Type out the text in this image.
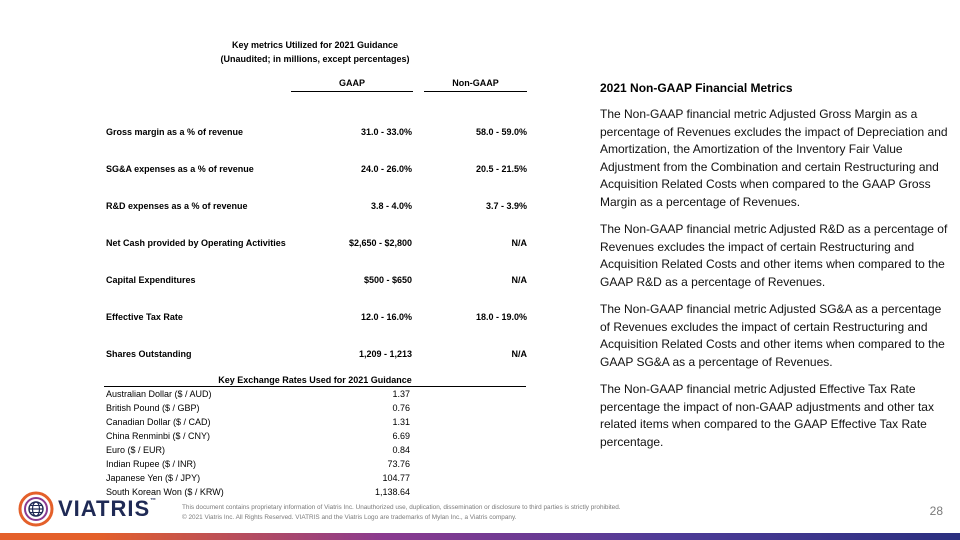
Key metrics Utilized for 2021 Guidance
(Unaudited; in millions, except percentages)
GAAP	Non-GAAP
Gross margin as a % of revenue	31.0 - 33.0%	58.0 - 59.0%
SG&A expenses as a % of revenue	24.0 - 26.0%	20.5 - 21.5%
R&D expenses as a % of revenue	3.8 - 4.0%	3.7 - 3.9%
Net Cash provided by Operating Activities	$2,650 - $2,800	N/A
Capital Expenditures	$500 - $650	N/A
Effective Tax Rate	12.0 - 16.0%	18.0 - 19.0%
Shares Outstanding	1,209 - 1,213	N/A
Key Exchange Rates Used for 2021 Guidance
Australian Dollar ($ / AUD)	1.37
British Pound ($ / GBP)	0.76
Canadian Dollar ($ / CAD)	1.31
China Renminbi ($ / CNY)	6.69
Euro ($ / EUR)	0.84
Indian Rupee ($ / INR)	73.76
Japanese Yen ($ / JPY)	104.77
South Korean Won ($ / KRW)	1,138.64

2021 Non-GAAP Financial Metrics

The Non-GAAP financial metric Adjusted Gross Margin as a percentage of Revenues excludes the impact of Depreciation and Amortization, the Amortization of the Inventory Fair Value Adjustment from the Combination and certain Restructuring and Acquisition Related Costs when compared to the GAAP Gross Margin as a percentage of Revenues.

The Non-GAAP financial metric Adjusted R&D as a percentage of Revenues excludes the impact of certain Restructuring and Acquisition Related Costs and other items when compared to the GAAP R&D as a percentage of Revenues.

The Non-GAAP financial metric Adjusted SG&A as a percentage of Revenues excludes the impact of certain Restructuring and Acquisition Related Costs and other items when compared to the GAAP SG&A as a percentage of Revenues.

The Non-GAAP financial metric Adjusted Effective Tax Rate percentage the impact of non-GAAP adjustments and other tax related items when compared to the GAAP Effective Tax Rate percentage.

VIATRIS™
This document contains proprietary information of Viatris Inc. Unauthorized use, duplication, dissemination or disclosure to third parties is strictly prohibited.
© 2021 Viatris Inc. All Rights Reserved. VIATRIS and the Viatris Logo are trademarks of Mylan Inc., a Viatris company.	28
